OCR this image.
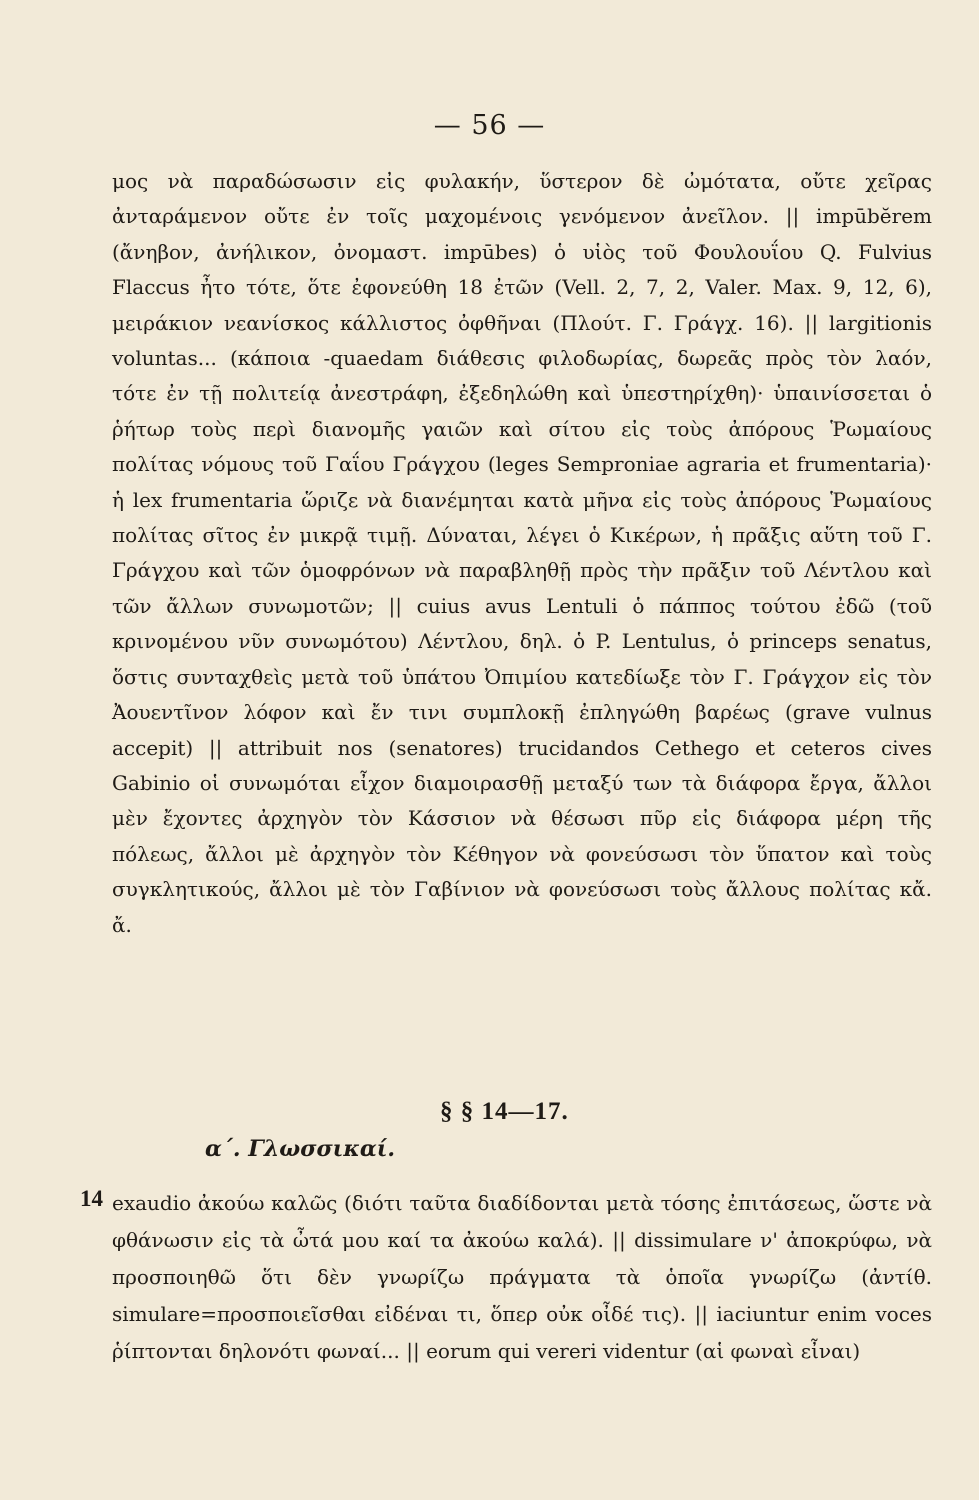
— 56 —

μος νὰ παραδώσωσιν εἰς φυλακήν, ὕστερον δὲ ὠμότατα, οὔτε χεῖρας ἀνταράμενον οὔτε ἐν τοῖς μαχομένοις γενόμενον ἀνεῖλον. || impūbĕrem (ἄνηβον, ἀνήλικον, ὀνομαστ. impūbes) ὁ υἱὸς τοῦ Φουλουΐου Q. Fulvius Flaccus ἦτο τότε, ὅτε ἐφονεύθη 18 ἐτῶν (Vell. 2, 7, 2, Valer. Max. 9, 12, 6), μειράκιον νεανίσκος κάλλιστος ὀφθῆναι (Πλούτ. Γ. Γράγχ. 16). || largitionis voluntas... (κάποια -quaedam διάθεσις φιλοδωρίας, δωρεᾶς πρὸς τὸν λαόν, τότε ἐν τῇ πολιτείᾳ ἀνεστράφη, ἐξεδηλώθη καὶ ὑπεστηρίχθη)· ὑπαινίσσεται ὁ ῥήτωρ τοὺς περὶ διανομῆς γαιῶν καὶ σίτου εἰς τοὺς ἀπόρους Ῥωμαίους πολίτας νόμους τοῦ Γαΐου Γράγχου (leges Semproniae agraria et frumentaria)· ἡ lex frumentaria ὥριζε νὰ διανέμηται κατὰ μῆνα εἰς τοὺς ἀπόρους Ῥωμαίους πολίτας σῖτος ἐν μικρᾷ τιμῇ. Δύναται, λέγει ὁ Κικέρων, ἡ πρᾶξις αὕτη τοῦ Γ. Γράγχου καὶ τῶν ὁμοφρόνων νὰ παραβληθῇ πρὸς τὴν πρᾶξιν τοῦ Λέντλου καὶ τῶν ἄλλων συνωμοτῶν; || cuius avus Lentuli ὁ πάππος τούτου ἐδῶ (τοῦ κρινομένου νῦν συνωμότου) Λέντλου, δηλ. ὁ P. Lentulus, ὁ princeps senatus, ὅστις συνταχθεὶς μετὰ τοῦ ὑπάτου Ὀπιμίου κατεδίωξε τὸν Γ. Γράγχον εἰς τὸν Ἀουεντῖνον λόφον καὶ ἔν τινι συμπλοκῇ ἐπληγώθη βαρέως (grave vulnus accepit) || attribuit nos (senatores) trucidandos Cethego et ceteros cives Gabinio οἱ συνωμόται εἶχον διαμοιρασθῇ μεταξύ των τὰ διάφορα ἔργα, ἄλλοι μὲν ἔχοντες ἀρχηγὸν τὸν Κάσσιον νὰ θέσωσι πῦρ εἰς διάφορα μέρη τῆς πόλεως, ἄλλοι μὲ ἀρχηγὸν τὸν Κέθηγον νὰ φονεύσωσι τὸν ὕπατον καὶ τοὺς συγκλητικούς, ἄλλοι μὲ τὸν Γαβίνιον νὰ φονεύσωσι τοὺς ἄλλους πολίτας κἄ. ἄ.

§ § 14—17.
α΄. Γλωσσικαί.
14 exaudio ἀκούω καλῶς (διότι ταῦτα διαδίδονται μετὰ τόσης ἐπιτάσεως, ὥστε νὰ φθάνωσιν εἰς τὰ ὦτά μου καί τα ἀκούω καλά). || dissimulare ν' ἀποκρύφω, νὰ προσποιηθῶ ὅτι δὲν γνωρίζω πράγματα τὰ ὁποῖα γνωρίζω (ἀντίθ. simulare=προσποιεῖσθαι εἰδέναι τι, ὅπερ οὐκ οἶδέ τις). || iaciuntur enim voces ῥίπτονται δηλονότι φωναί... || eorum qui vereri videntur (αἱ φωναὶ εἶναι)
